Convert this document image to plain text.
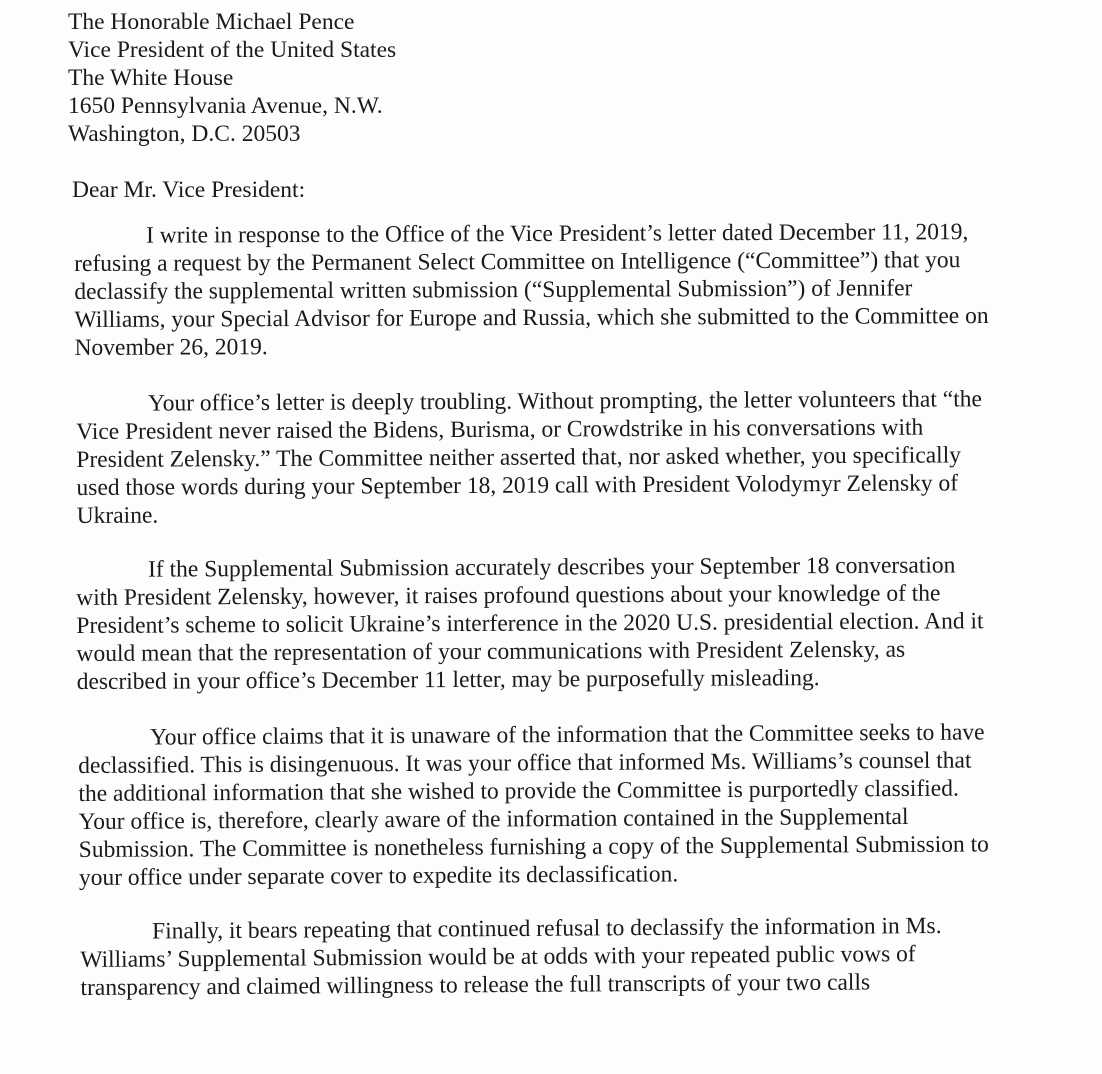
The Honorable Michael Pence
Vice President of the United States
The White House
1650 Pennsylvania Avenue, N.W.
Washington, D.C. 20503
Dear Mr. Vice President:
I write in response to the Office of the Vice President’s letter dated December 11, 2019,
refusing a request by the Permanent Select Committee on Intelligence (“Committee”) that you
declassify the supplemental written submission (“Supplemental Submission”) of Jennifer
Williams, your Special Advisor for Europe and Russia, which she submitted to the Committee on
November 26, 2019.
Your office’s letter is deeply troubling. Without prompting, the letter volunteers that “the
Vice President never raised the Bidens, Burisma, or Crowdstrike in his conversations with
President Zelensky.” The Committee neither asserted that, nor asked whether, you specifically
used those words during your September 18, 2019 call with President Volodymyr Zelensky of
Ukraine.
If the Supplemental Submission accurately describes your September 18 conversation
with President Zelensky, however, it raises profound questions about your knowledge of the
President’s scheme to solicit Ukraine’s interference in the 2020 U.S. presidential election. And it
would mean that the representation of your communications with President Zelensky, as
described in your office’s December 11 letter, may be purposefully misleading.
Your office claims that it is unaware of the information that the Committee seeks to have
declassified. This is disingenuous. It was your office that informed Ms. Williams’s counsel that
the additional information that she wished to provide the Committee is purportedly classified.
Your office is, therefore, clearly aware of the information contained in the Supplemental
Submission. The Committee is nonetheless furnishing a copy of the Supplemental Submission to
your office under separate cover to expedite its declassification.
Finally, it bears repeating that continued refusal to declassify the information in Ms.
Williams’ Supplemental Submission would be at odds with your repeated public vows of
transparency and claimed willingness to release the full transcripts of your two calls
